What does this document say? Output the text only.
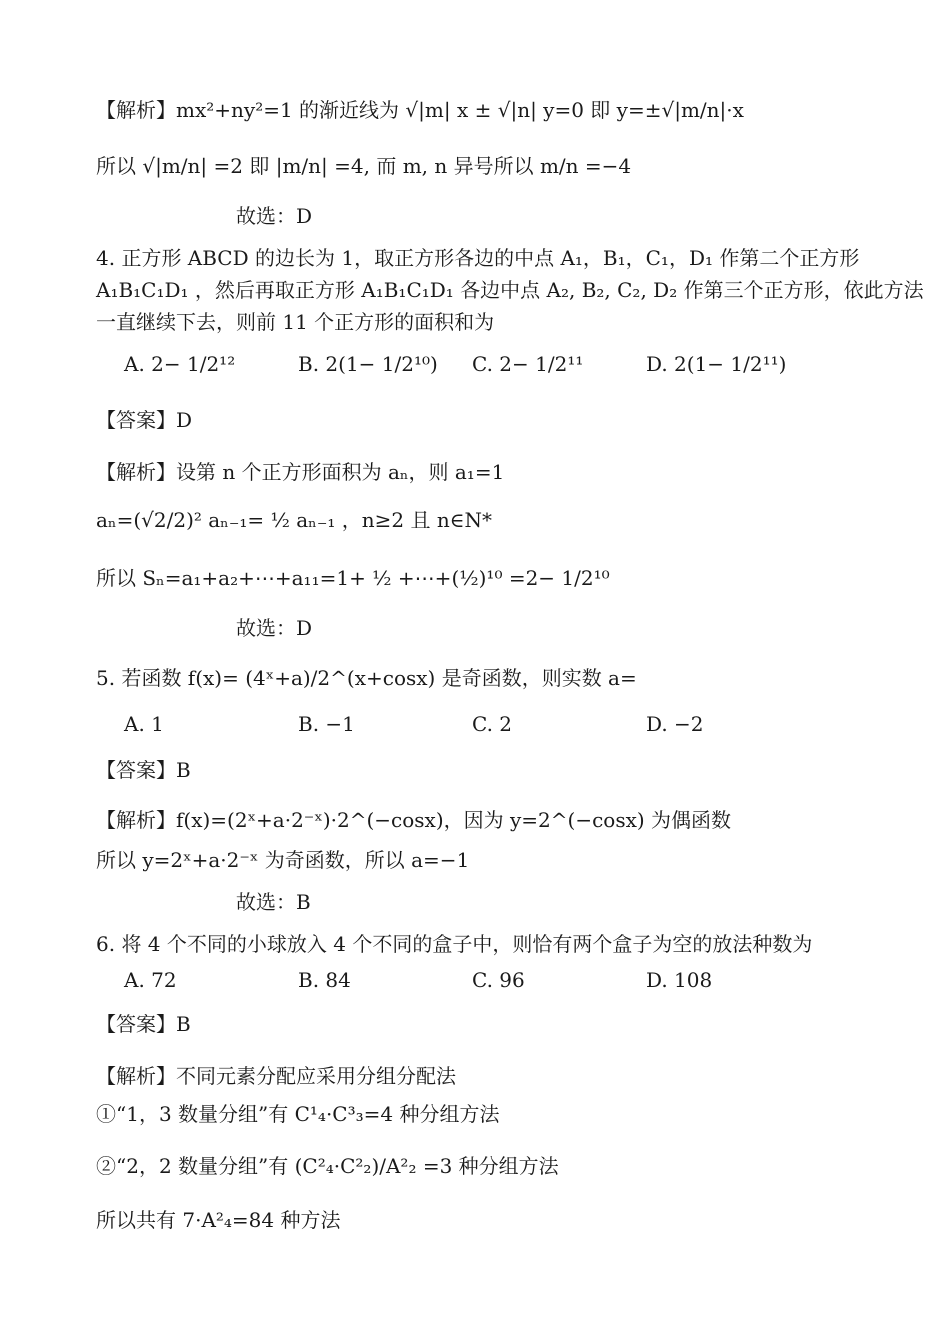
【解析】mx²+ny²=1 的渐近线为 √|m| x ± √|n| y=0 即 y=±√|m/n|·x
所以 √|m/n| =2 即 |m/n| =4, 而 m, n 异号所以 m/n =−4
故选：D
4. 正方形 ABCD 的边长为 1，取正方形各边的中点 A₁，B₁，C₁，D₁ 作第二个正方形
A₁B₁C₁D₁ ，然后再取正方形 A₁B₁C₁D₁ 各边中点 A₂, B₂, C₂, D₂ 作第三个正方形，依此方法
一直继续下去，则前 11 个正方形的面积和为
A. 2− 1/2¹²	B. 2(1− 1/2¹⁰) C. 2− 1/2¹¹	D. 2(1− 1/2¹¹)
【答案】D
【解析】设第 n 个正方形面积为 aₙ，则 a₁=1
aₙ=(√2/2)² aₙ₋₁= ½ aₙ₋₁ ，n≥2 且 n∈N*
所以 Sₙ=a₁+a₂+⋯+a₁₁=1+ ½ +⋯+(½)¹⁰ =2− 1/2¹⁰
故选：D
5. 若函数 f(x)= (4ˣ+a)/2^(x+cosx) 是奇函数，则实数 a=
A. 1	B. −1	C. 2	D. −2
【答案】B
【解析】f(x)=(2ˣ+a·2⁻ˣ)·2^(−cosx)，因为 y=2^(−cosx) 为偶函数
所以 y=2ˣ+a·2⁻ˣ 为奇函数，所以 a=−1
故选：B
6. 将 4 个不同的小球放入 4 个不同的盒子中，则恰有两个盒子为空的放法种数为
A. 72	B. 84	C. 96	D. 108
【答案】B
【解析】不同元素分配应采用分组分配法
①“1，3 数量分组”有 C¹₄·C³₃=4 种分组方法
②“2，2 数量分组”有 (C²₄·C²₂)/A²₂ =3 种分组方法
所以共有 7·A²₄=84 种方法
